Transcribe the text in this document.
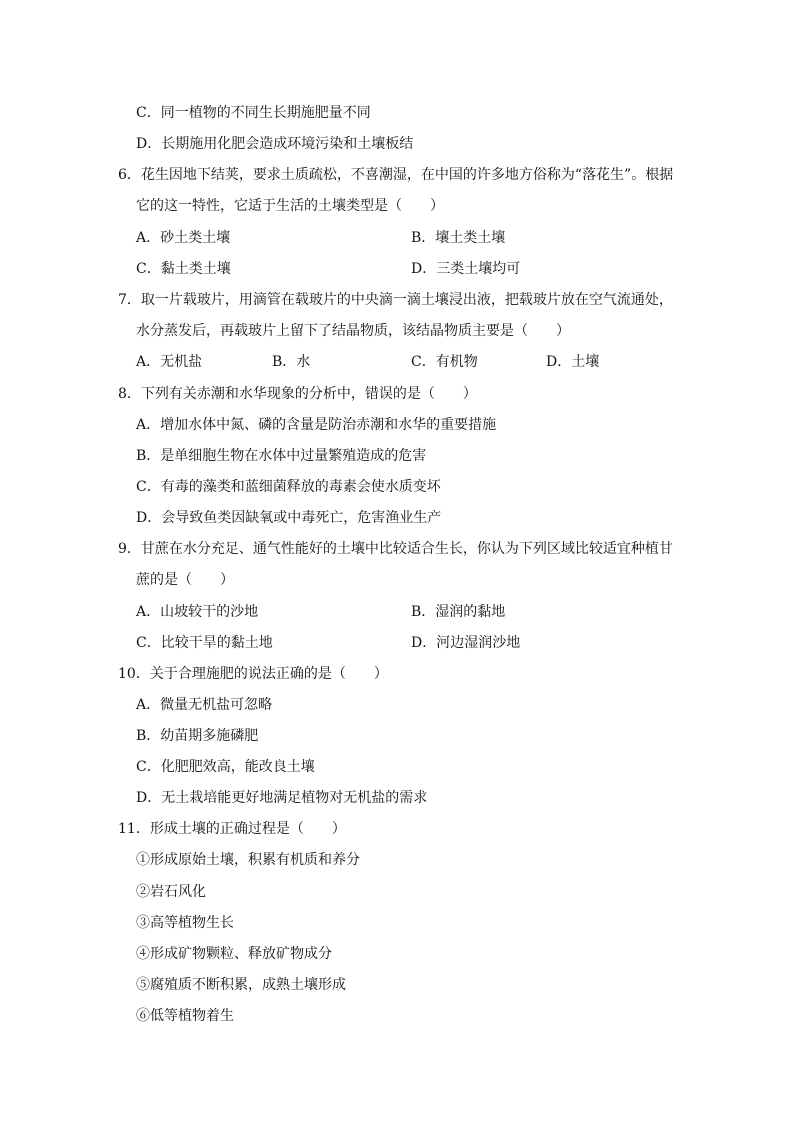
C．同一植物的不同生长期施肥量不同
D．长期施用化肥会造成环境污染和土壤板结
6．花生因地下结荚，要求土质疏松，不喜潮湿，在中国的许多地方俗称为“落花生”。根据
它的这一特性，它适于生活的土壤类型是（　　）
A．砂土类土壤	B．壤土类土壤
C．黏土类土壤	D．三类土壤均可
7．取一片载玻片，用滴管在载玻片的中央滴一滴土壤浸出液，把载玻片放在空气流通处，
水分蒸发后，再载玻片上留下了结晶物质，该结晶物质主要是（　　）
A．无机盐	B．水	C．有机物	D．土壤
8．下列有关赤潮和水华现象的分析中，错误的是（　　）
A．增加水体中氮、磷的含量是防治赤潮和水华的重要措施
B．是单细胞生物在水体中过量繁殖造成的危害
C．有毒的藻类和蓝细菌释放的毒素会使水质变坏
D．会导致鱼类因缺氧或中毒死亡，危害渔业生产
9．甘蔗在水分充足、通气性能好的土壤中比较适合生长，你认为下列区域比较适宜种植甘
蔗的是（　　）
A．山坡较干的沙地	B．湿润的黏地
C．比较干旱的黏土地	D．河边湿润沙地
10．关于合理施肥的说法正确的是（　　）
A．微量无机盐可忽略
B．幼苗期多施磷肥
C．化肥肥效高，能改良土壤
D．无土栽培能更好地满足植物对无机盐的需求
11．形成土壤的正确过程是（　　）
①形成原始土壤，积累有机质和养分
②岩石风化
③高等植物生长
④形成矿物颗粒、释放矿物成分
⑤腐殖质不断积累，成熟土壤形成
⑥低等植物着生
